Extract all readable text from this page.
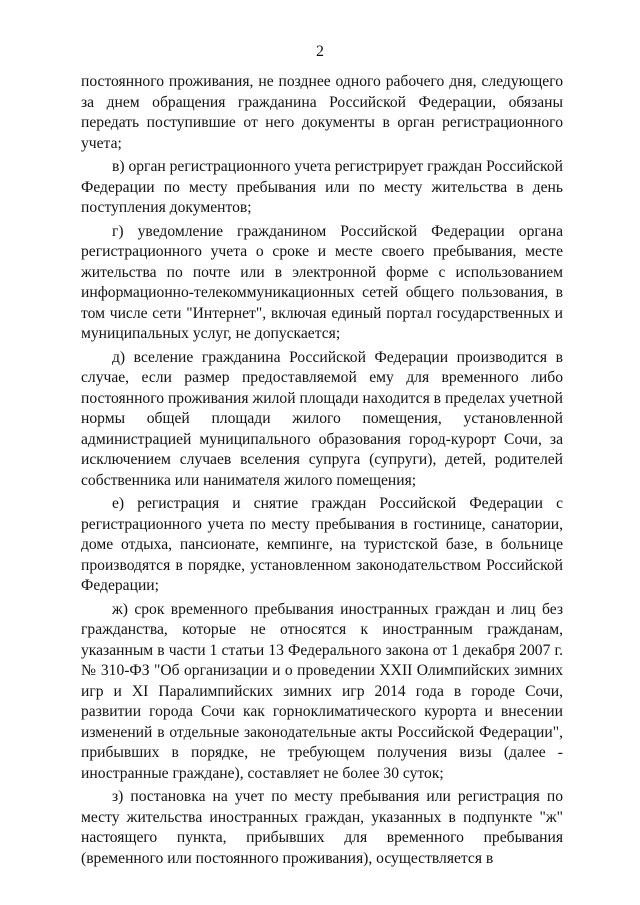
2

постоянного проживания, не позднее одного рабочего дня, следующего за днем обращения гражданина Российской Федерации, обязаны передать поступившие от него документы в орган регистрационного учета;

в) орган регистрационного учета регистрирует граждан Российской Федерации по месту пребывания или по месту жительства в день поступления документов;

г) уведомление гражданином Российской Федерации органа регистрационного учета о сроке и месте своего пребывания, месте жительства по почте или в электронной форме с использованием информационно-телекоммуникационных сетей общего пользования, в том числе сети "Интернет", включая единый портал государственных и муниципальных услуг, не допускается;

д) вселение гражданина Российской Федерации производится в случае, если размер предоставляемой ему для временного либо постоянного проживания жилой площади находится в пределах учетной нормы общей площади жилого помещения, установленной администрацией муниципального образования город-курорт Сочи, за исключением случаев вселения супруга (супруги), детей, родителей собственника или нанимателя жилого помещения;

е) регистрация и снятие граждан Российской Федерации с регистрационного учета по месту пребывания в гостинице, санатории, доме отдыха, пансионате, кемпинге, на туристской базе, в больнице производятся в порядке, установленном законодательством Российской Федерации;

ж) срок временного пребывания иностранных граждан и лиц без гражданства, которые не относятся к иностранным гражданам, указанным в части 1 статьи 13 Федерального закона от 1 декабря 2007 г. № 310-ФЗ "Об организации и о проведении XXII Олимпийских зимних игр и XI Паралимпийских зимних игр 2014 года в городе Сочи, развитии города Сочи как горноклиматического курорта и внесении изменений в отдельные законодательные акты Российской Федерации", прибывших в порядке, не требующем получения визы (далее - иностранные граждане), составляет не более 30 суток;

з) постановка на учет по месту пребывания или регистрация по месту жительства иностранных граждан, указанных в подпункте "ж" настоящего пункта, прибывших для временного пребывания (временного или постоянного проживания), осуществляется в
